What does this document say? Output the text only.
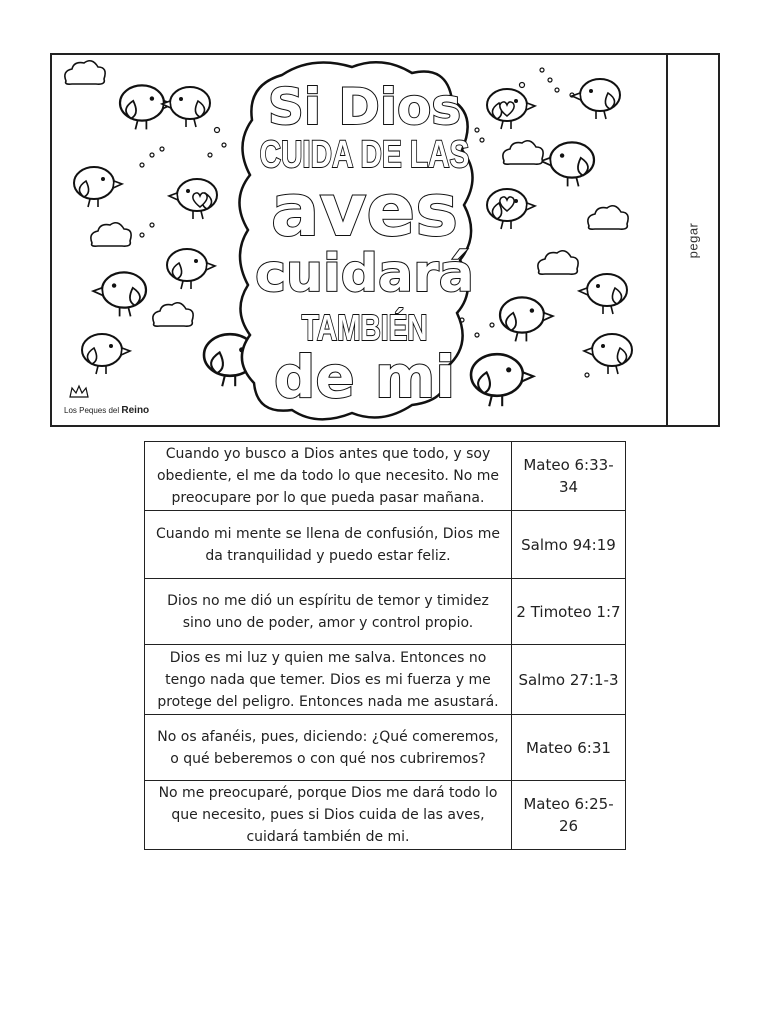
Si Dios
CUIDA DE LAS
aves
cuidará
TAMBIÉN
de mi
Los Peques del Reino
pegar
Cuando yo busco a Dios antes que todo, y soy obediente, el me da todo lo que necesito. No me preocupare por lo que pueda pasar mañana.	Mateo 6:33-34
Cuando mi mente se llena de confusión, Dios me da tranquilidad y puedo estar feliz.	Salmo 94:19
Dios no me dió un espíritu de temor y timidez sino uno de poder, amor y control propio.	2 Timoteo 1:7
Dios es mi luz y quien me salva. Entonces no tengo nada que temer. Dios es mi fuerza y me protege del peligro. Entonces nada me asustará.	Salmo 27:1-3
No os afanéis, pues, diciendo: ¿Qué comeremos, o qué beberemos o con qué nos cubriremos?	Mateo 6:31
No me preocuparé, porque Dios me dará todo lo que necesito, pues si Dios cuida de las aves, cuidará también de mi.	Mateo 6:25-26
